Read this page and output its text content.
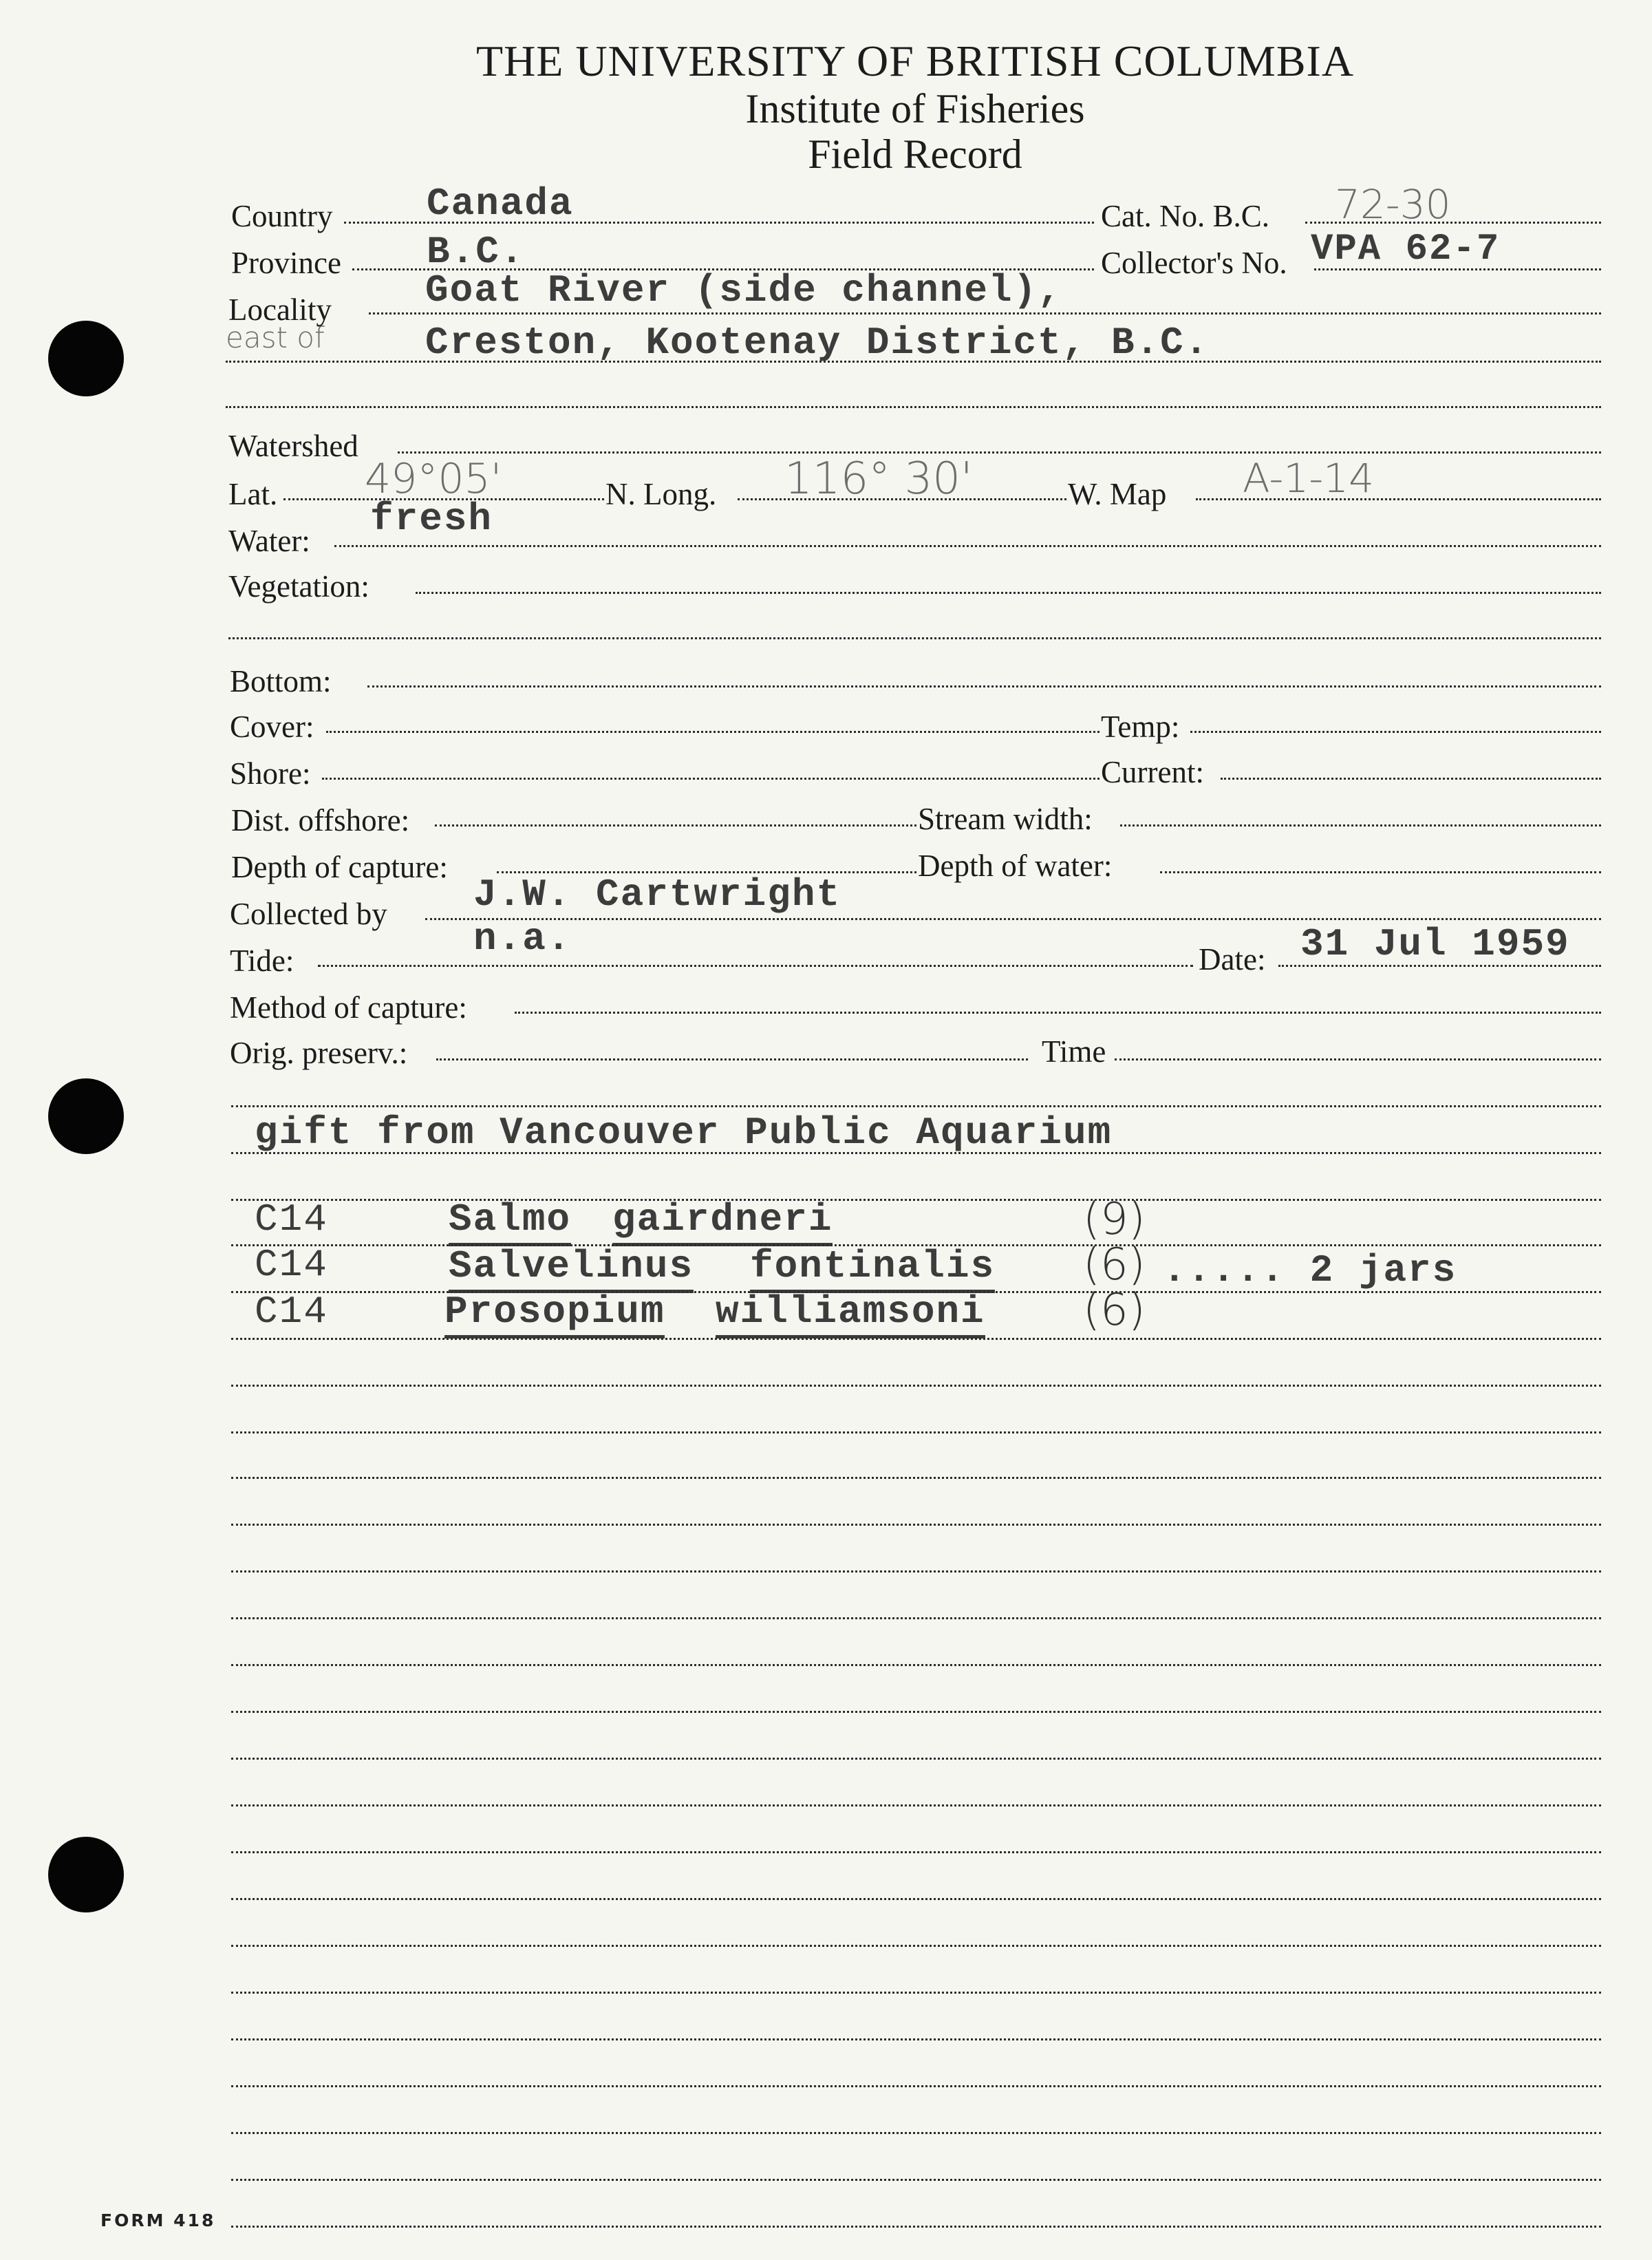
THE UNIVERSITY OF BRITISH COLUMBIA
Institute of Fisheries
Field Record
Country Canada	Cat. No. B.C. 72-30
Province B.C.	Collector's No. VPA 62-7
Locality Goat River (side channel),
east of	Creston, Kootenay District, B.C.
Watershed
Lat. 49°05'	N. Long. 116° 30'	W. Map A-1-14
Water: fresh
Vegetation:
Bottom:
Cover:	Temp:
Shore:	Current:
Dist. offshore:	Stream width:
Depth of capture:	Depth of water:
Collected by J.W. Cartwright
Tide:	n.a.	Date: 31 Jul 1959
Method of capture:
Orig. preserv.:	Time
gift from Vancouver Public Aquarium
C14	Salmo gairdneri	(9)
C14	Salvelinus fontinalis (6) ..... 2 jars
C14	Prosopium williamsoni (6)
FORM 418
